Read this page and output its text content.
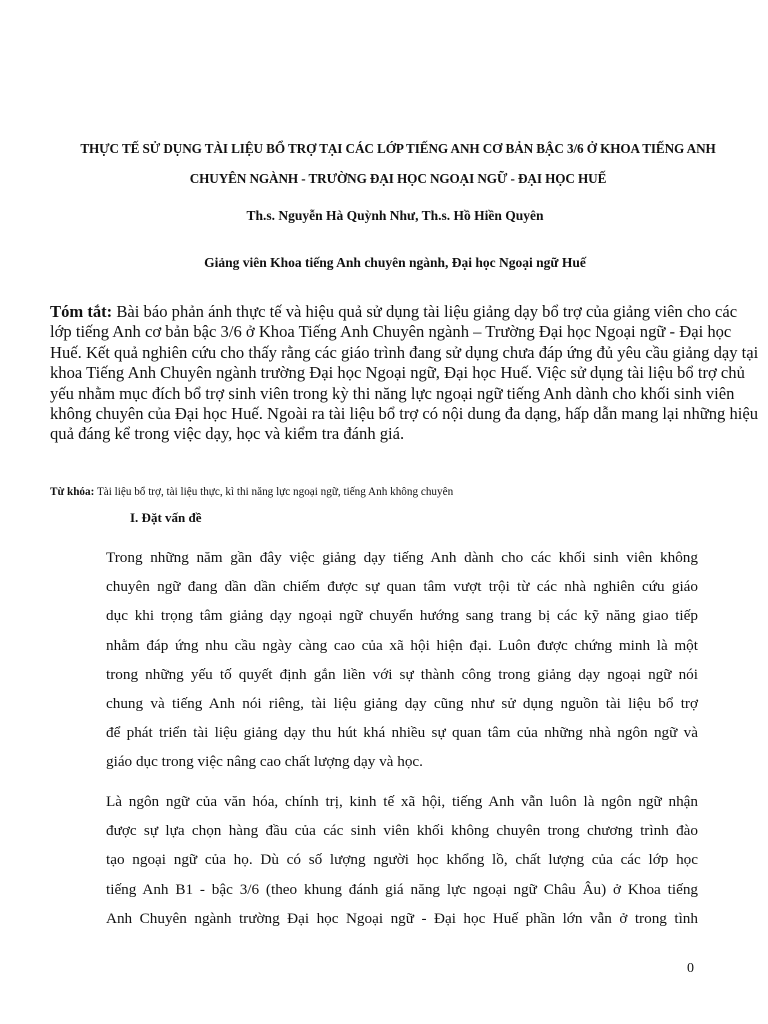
THỰC TẾ SỬ DỤNG TÀI LIỆU BỔ TRỢ TẠI CÁC LỚP TIẾNG ANH CƠ BẢN BẬC 3/6 Ở KHOA TIẾNG ANH
CHUYÊN NGÀNH - TRƯỜNG ĐẠI HỌC NGOẠI NGỮ - ĐẠI HỌC HUẾ
Th.s. Nguyễn Hà Quỳnh Như, Th.s. Hồ Hiền Quyên
Giảng viên Khoa tiếng Anh chuyên ngành, Đại học Ngoại ngữ Huế
Tóm tắt: Bài báo phản ánh thực tế và hiệu quả sử dụng tài liệu giảng dạy bổ trợ của giảng viên cho các lớp tiếng Anh cơ bản bậc 3/6 ở Khoa Tiếng Anh Chuyên ngành – Trường Đại học Ngoại ngữ - Đại học Huế. Kết quả nghiên cứu cho thấy rằng các giáo trình đang sử dụng chưa đáp ứng đủ yêu cầu giảng dạy tại khoa Tiếng Anh Chuyên ngành trường Đại học Ngoại ngữ, Đại học Huế. Việc sử dụng tài liệu bổ trợ chủ yếu nhằm mục đích bổ trợ sinh viên trong kỳ thi năng lực ngoại ngữ tiếng Anh dành cho khối sinh viên không chuyên của Đại học Huế. Ngoài ra tài liệu bổ trợ có nội dung đa dạng, hấp dẫn mang lại những hiệu quả đáng kể trong việc dạy, học và kiểm tra đánh giá.
Từ khóa: Tài liệu bổ trợ, tài liệu thực, kì thi năng lực ngoại ngữ, tiếng Anh không chuyên
I. Đặt vấn đề
Trong những năm gần đây việc giảng dạy tiếng Anh dành cho các khối sinh viên không
chuyên ngữ đang dần dần chiếm được sự quan tâm vượt trội từ các nhà nghiên cứu giáo
dục khi trọng tâm giảng dạy ngoại ngữ chuyển hướng sang trang bị các kỹ năng giao tiếp
nhằm đáp ứng nhu cầu ngày càng cao của xã hội hiện đại. Luôn được chứng minh là một
trong những yếu tố quyết định gắn liền với sự thành công trong giảng dạy ngoại ngữ nói
chung và tiếng Anh nói riêng, tài liệu giảng dạy cũng như sử dụng nguồn tài liệu bổ trợ
để phát triển tài liệu giảng dạy thu hút khá nhiều sự quan tâm của những nhà ngôn ngữ và
giáo dục trong việc nâng cao chất lượng dạy và học.
Là ngôn ngữ của văn hóa, chính trị, kinh tế xã hội, tiếng Anh vẫn luôn là ngôn ngữ nhận
được sự lựa chọn hàng đầu của các sinh viên khối không chuyên trong chương trình đào
tạo ngoại ngữ của họ. Dù có số lượng người học khổng lồ, chất lượng của các lớp học
tiếng Anh B1 - bậc 3/6 (theo khung đánh giá năng lực ngoại ngữ Châu Âu) ở Khoa tiếng
Anh Chuyên ngành trường Đại học Ngoại ngữ - Đại học Huế phần lớn vẫn ở trong tình
0
